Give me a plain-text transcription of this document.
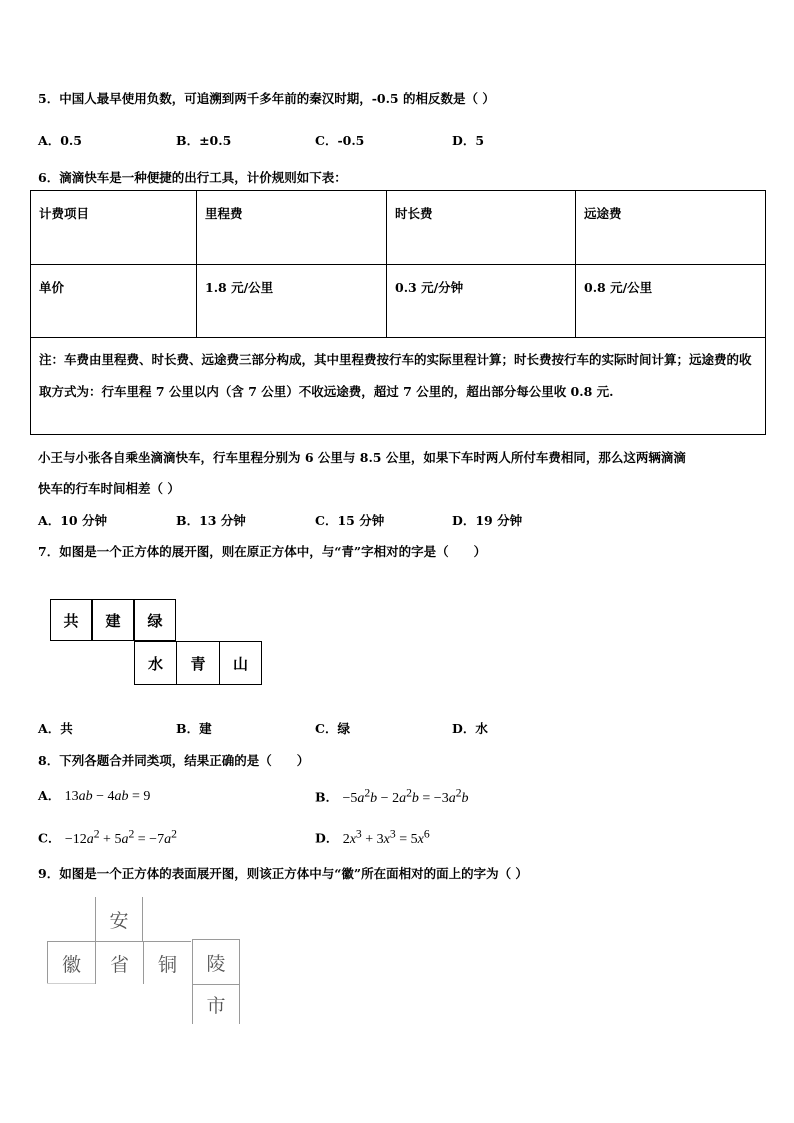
5．中国人最早使用负数，可追溯到两千多年前的秦汉时期，-0.5 的相反数是（ ）
A．0.5	B．±0.5	C．-0.5	D．5
6．滴滴快车是一种便捷的出行工具，计价规则如下表：
计费项目	里程费	时长费	远途费
单价	1.8 元/公里	0.3 元/分钟	0.8 元/公里
注：车费由里程费、时长费、远途费三部分构成，其中里程费按行车的实际里程计算；时长费按行车的实际时间计算；远途费的收取方式为：行车里程 7 公里以内（含 7 公里）不收远途费，超过 7 公里的，超出部分每公里收 0.8 元.			
小王与小张各自乘坐滴滴快车，行车里程分别为 6 公里与 8.5 公里，如果下车时两人所付车费相同，那么这两辆滴滴
快车的行车时间相差（ ）
A．10 分钟	B．13 分钟	C．15 分钟	D．19 分钟
7．如图是一个正方体的展开图，则在原正方体中，与“青”字相对的字是（　　）
共	建	绿
水	青	山
A．共	B．建	C．绿	D．水
8．下列各题合并同类项，结果正确的是（　　）
A． 13ab − 4ab = 9	B． $-5a^2b - 2a^2b = -3a^2b$
C． $-12a^2 + 5a^2 = -7a^2$	D． $2x^3 + 3x^3 = 5x^6$
9．如图是一个正方体的表面展开图，则该正方体中与“徽”所在面相对的面上的字为（ ）
安
徽	省	铜	陵
市
